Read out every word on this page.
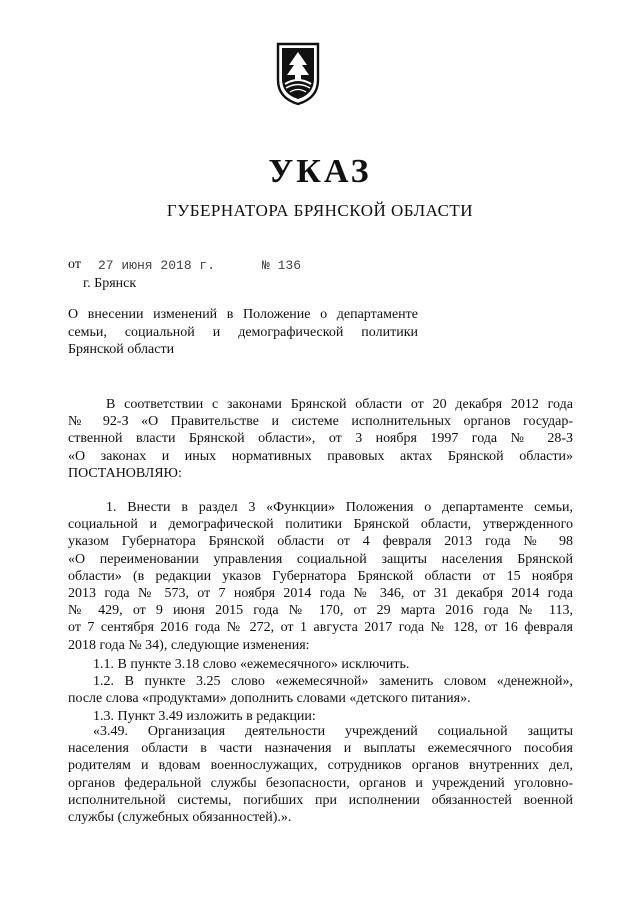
УКАЗ
ГУБЕРНАТОРА БРЯНСКОЙ ОБЛАСТИ
от 27 июня 2018 г.	№ 136
г. Брянск
О внесении изменений в Положение о департаменте
семьи, социальной и демографической политики
Брянской области
В соответствии с законами Брянской области от 20 декабря 2012 года
№ 92-З «О Правительстве и системе исполнительных органов государ-
ственной власти Брянской области», от 3 ноября 1997 года № 28-З
«О законах и иных нормативных правовых актах Брянской области»
ПОСТАНОВЛЯЮ:
1. Внести в раздел 3 «Функции» Положения о департаменте семьи,
социальной и демографической политики Брянской области, утвержденного
указом Губернатора Брянской области от 4 февраля 2013 года № 98
«О переименовании управления социальной защиты населения Брянской
области» (в редакции указов Губернатора Брянской области от 15 ноября
2013 года № 573, от 7 ноября 2014 года № 346, от 31 декабря 2014 года
№ 429, от 9 июня 2015 года № 170, от 29 марта 2016 года № 113,
от 7 сентября 2016 года № 272, от 1 августа 2017 года № 128, от 16 февраля
2018 года № 34), следующие изменения:
1.1. В пункте 3.18 слово «ежемесячного» исключить.
1.2. В пункте 3.25 слово «ежемесячной» заменить словом «денежной»,
после слова «продуктами» дополнить словами «детского питания».
1.3. Пункт 3.49 изложить в редакции:
«3.49. Организация деятельности учреждений социальной защиты
населения области в части назначения и выплаты ежемесячного пособия
родителям и вдовам военнослужащих, сотрудников органов внутренних дел,
органов федеральной службы безопасности, органов и учреждений уголовно-
исполнительной системы, погибших при исполнении обязанностей военной
службы (служебных обязанностей).».
